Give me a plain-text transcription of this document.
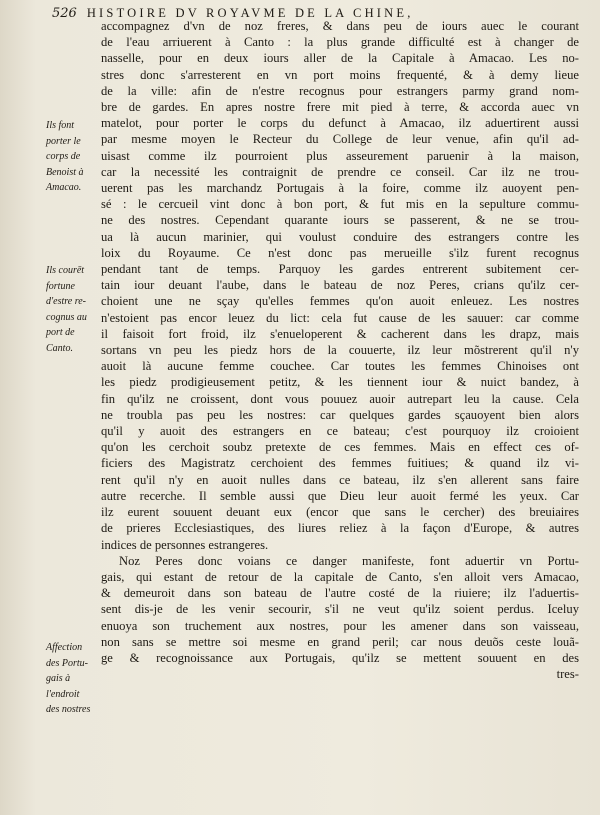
526 HISTOIRE DV ROYAVME DE LA CHINE,
Ils font
porter le
corps de
Benoist à
Amacao.
Ils courēt
fortune
d'estre re-
cognus au
port de
Canto.
Affection
des Portu-
gais à
l'endroit
des nostres
accompagnez d'vn de noz freres, & dans peu de iours auec le courant
de l'eau arriuerent à Canto : la plus grande difficulté est à changer de
nasselle, pour en deux iours aller de la Capitale à Amacao. Les no-
stres donc s'arresterent en vn port moins frequenté, & à demy lieue
de la ville: afin de n'estre recognus pour estrangers parmy grand nom-
bre de gardes. En apres nostre frere mit pied à terre, & accorda auec vn
matelot, pour porter le corps du defunct à Amacao, ilz aduertirent aussi
par mesme moyen le Recteur du College de leur venue, afin qu'il ad-
uisast comme ilz pourroient plus asseurement paruenir à la maison,
car la necessité les contraignit de prendre ce conseil. Car ilz ne trou-
uerent pas les marchandz Portugais à la foire, comme ilz auoyent pen-
sé : le cercueil vint donc à bon port, & fut mis en la sepulture commu-
ne des nostres. Cependant quarante iours se passerent, & ne se trou-
ua là aucun marinier, qui voulust conduire des estrangers contre les
loix du Royaume. Ce n'est donc pas merueille s'ilz furent recognus
pendant tant de temps. Parquoy les gardes entrerent subitement cer-
tain iour deuant l'aube, dans le bateau de noz Peres, crians qu'ilz cer-
choient une ne sçay qu'elles femmes qu'on auoit enleuez. Les nostres
n'estoient pas encor leuez du lict: cela fut cause de les sauuer: car comme
il faisoit fort froid, ilz s'enueloperent & cacherent dans les drapz, mais
sortans vn peu les piedz hors de la couuerte, ilz leur mõstrerent qu'il n'y
auoit là aucune femme couchee. Car toutes les femmes Chinoises ont
les piedz prodigieusement petitz, & les tiennent iour & nuict bandez, à
fin qu'ilz ne croissent, dont vous pouuez auoir autrepart leu la cause. Cela
ne troubla pas peu les nostres: car quelques gardes sçauoyent bien alors
qu'il y auoit des estrangers en ce bateau; c'est pourquoy ilz croioient
qu'on les cerchoit soubz pretexte de ces femmes. Mais en effect ces of-
ficiers des Magistratz cerchoient des femmes fuitiues; & quand ilz vi-
rent qu'il n'y en auoit nulles dans ce bateau, ilz s'en allerent sans faire
autre recerche. Il semble aussi que Dieu leur auoit fermé les yeux. Car
ilz eurent souuent deuant eux (encor que sans le cercher) des breuiaires
de prieres Ecclesiastiques, des liures reliez à la façon d'Europe, & autres
indices de personnes estrangeres.
Noz Peres donc voians ce danger manifeste, font aduertir vn Portu-
gais, qui estant de retour de la capitale de Canto, s'en alloit vers Amacao,
& demeuroit dans son bateau de l'autre costé de la riuiere; ilz l'aduertis-
sent dis-je de les venir secourir, s'il ne veut qu'ilz soient perdus. Iceluy
enuoya son truchement aux nostres, pour les amener dans son vaisseau,
non sans se mettre soi mesme en grand peril; car nous deuõs ceste louã-
ge & recognoissance aux Portugais, qu'ilz se mettent souuent en des
tres-
